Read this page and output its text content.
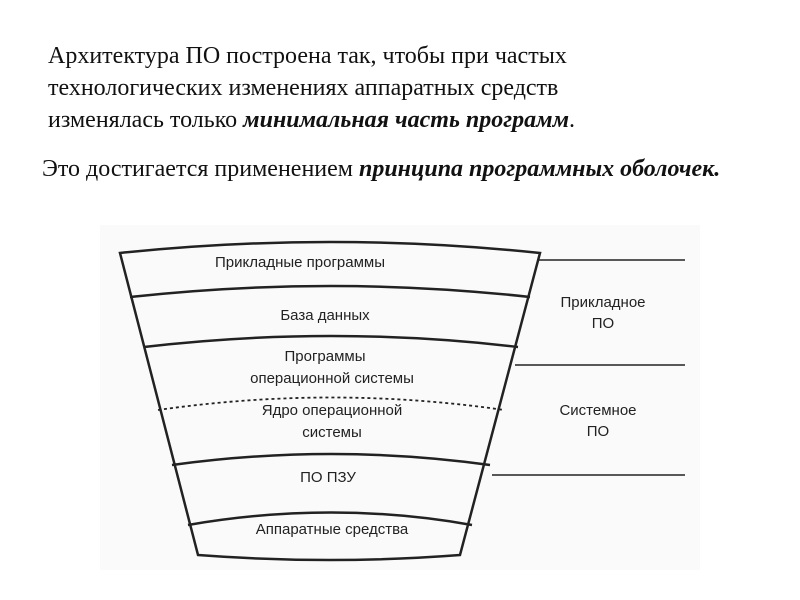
Архитектура ПО построена так, чтобы при частых
технологических изменениях аппаратных средств
изменялась только минимальная часть программ.
Это достигается применением принципа программных оболочек.
Прикладные программы
База данных
Программы
операционной системы
Ядро операционной
системы
ПО ПЗУ
Аппаратные средства
Прикладное
ПО
Системное
ПО
